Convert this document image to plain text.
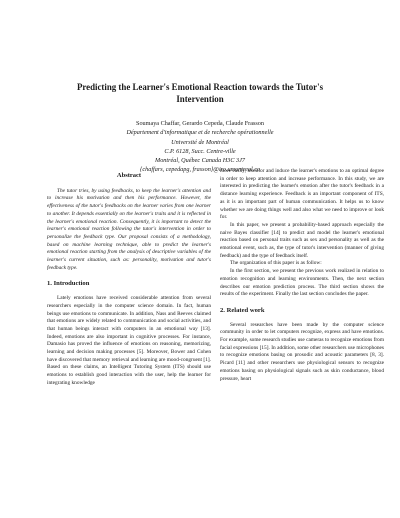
Predicting the Learner's Emotional Reaction towards the Tutor's
Intervention
Soumaya Chaffar, Gerardo Cepeda, Claude Frasson
Département d'informatique et de recherche opérationnelle
Université de Montréal
C.P. 6128, Succ. Centre-ville
Montréal, Québec Canada H3C 3J7
{chaffars, cepedapg, frasson}@iro.umontreal.ca
Abstract

The tutor tries, by using feedbacks, to keep the learner's attention and to increase his motivation and then his performance. However, the effectiveness of the tutor's feedbacks on the learner varies from one learner to another. It depends essentially on the learner's traits and it is reflected in the learner's emotional reaction. Consequently, it is important to detect the learner's emotional reaction following the tutor's intervention in order to personalize the feedback type. Our proposal consists of a methodology, based on machine learning technique, able to predict the learner's emotional reaction starting from the analysis of descriptive variables of the learner's current situation, such as: personality, motivation and tutor's feedback type.

1. Introduction

Lately emotions have received considerable attention from several researchers especially in the computer science domain. In fact, human beings use emotions to communicate. In addition, Nass and Reeves claimed that emotions are widely related to communication and social activities, and that human beings interact with computers in an emotional way [13]. Indeed, emotions are also important in cognitive processes. For instance, Damasio has proved the influence of emotions on reasoning, memorizing, learning and decision making processes [5]. Moreover, Bower and Cohen have discovered that memory retrieval and learning are mood-congruent [1]. Based on these claims, an Intelligent Tutoring System (ITS) should use emotions to establish good interaction with the user, help the learner for integrating knowledge

more easily, monitor and induce the learner's emotions to an optimal degree in order to keep attention and increase performance. In this study, we are interested in predicting the learner's emotion after the tutor's feedback in a distance learning experience. Feedback is an important component of ITS, as it is an important part of human communication. It helps us to know whether we are doing things well and also what we need to improve or look for.

In this paper, we present a probability-based approach especially the naive Bayes classifier [14] to predict and model the learner's emotional reaction based on personal traits such as sex and personality as well as the emotional event, such as, the type of tutor's intervention (manner of giving feedback) and the type of feedback itself.

The organization of this paper is as follow:

In the first section, we present the previous work realized in relation to emotion recognition and learning environments. Then, the next section describes our emotion prediction process. The third section shows the results of the experiment. Finally the last section concludes the paper.

2. Related work

Several researches have been made by the computer science community in order to let computers recognize, express and have emotions. For example, some research studies use cameras to recognize emotions from facial expressions [15]. In addition, some other researchers use microphones to recognize emotions basing on prosodic and acoustic parameters [8, 3]. Picard [11] and other researchers use physiological sensors to recognize emotions basing on physiological signals such as skin conductance, blood pressure, heart
